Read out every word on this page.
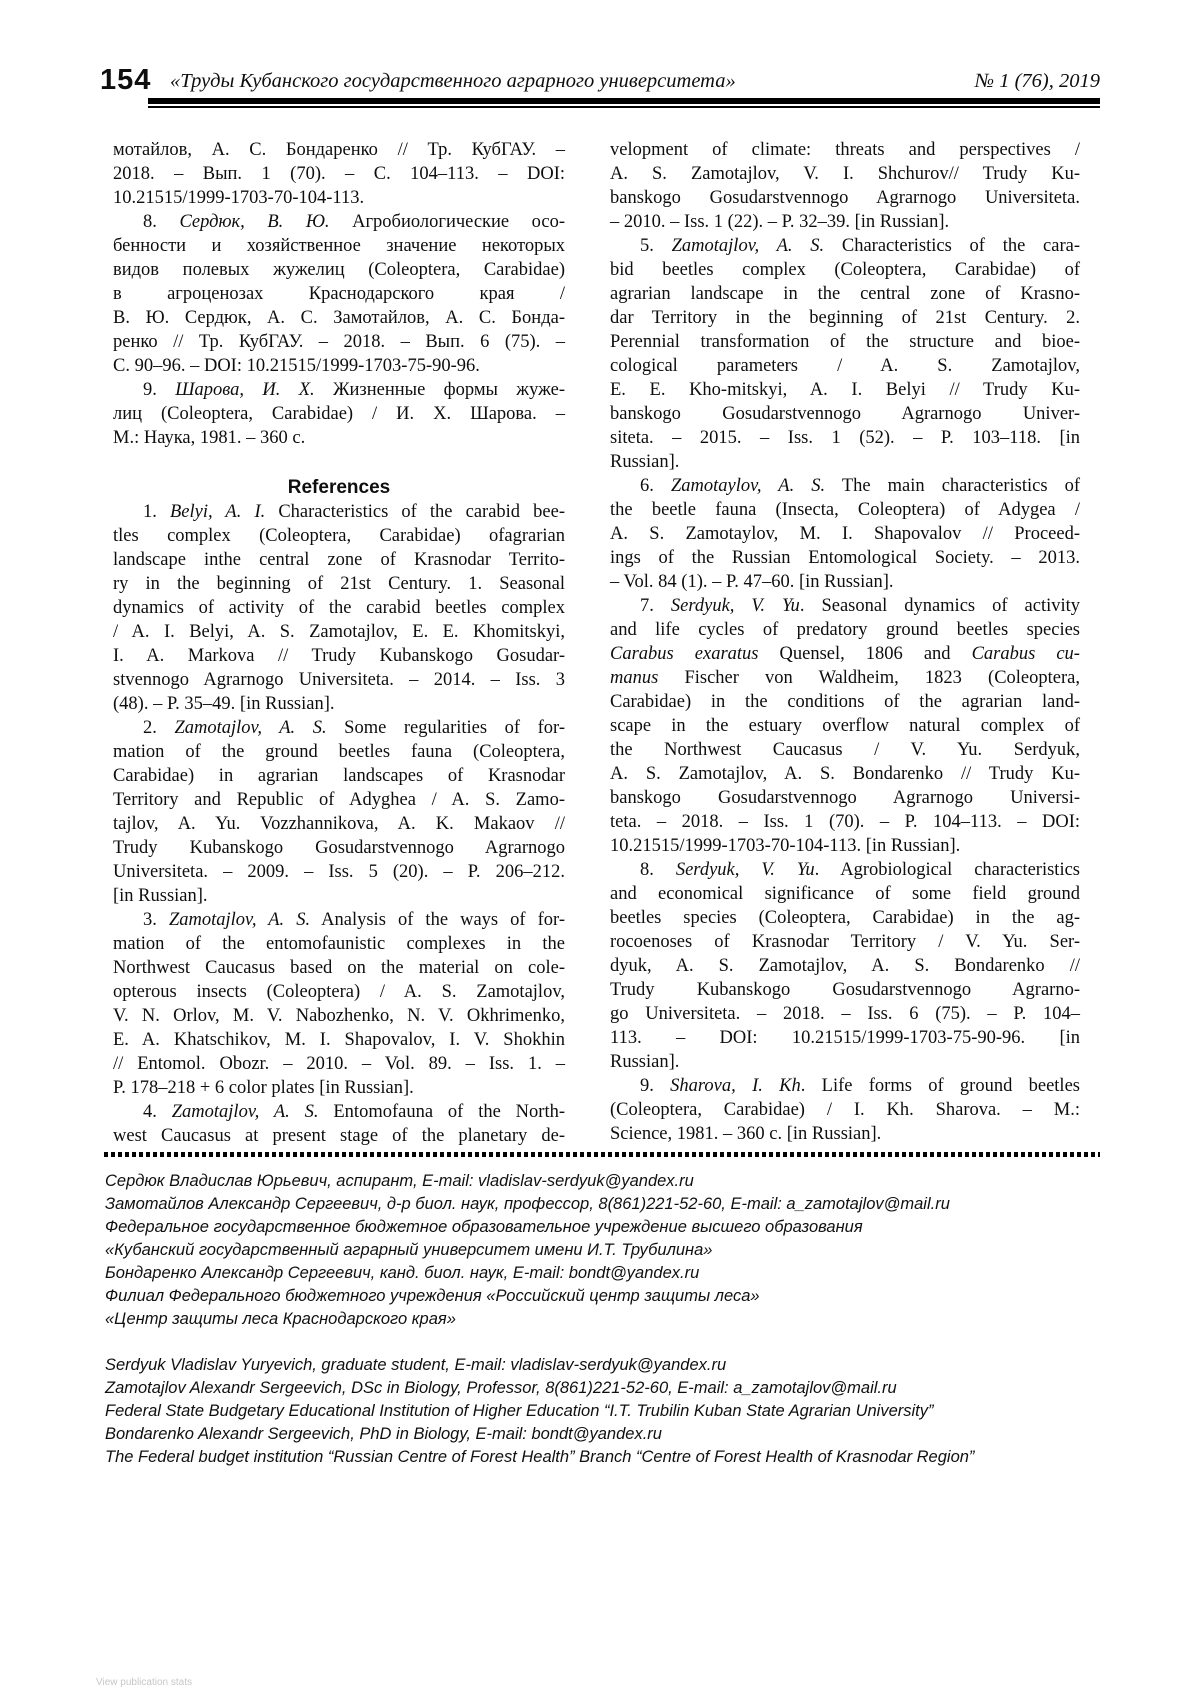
154 «Труды Кубанского государственного аграрного университета»	№ 1 (76), 2019
мотайлов, А. С. Бондаренко // Тр. КубГАУ. –
2018. – Вып. 1 (70). – С. 104–113. – DOI:
10.21515/1999-1703-70-104-113.
8. Сердюк, В. Ю. Агробиологические осо-
бенности и хозяйственное значение некоторых
видов полевых жужелиц (Coleoptera, Carabidae)
в агроценозах Краснодарского края /
В. Ю. Сердюк, А. С. Замотайлов, А. С. Бонда-
ренко // Тр. КубГАУ. – 2018. – Вып. 6 (75). –
С. 90–96. – DOI: 10.21515/1999-1703-75-90-96.
9. Шарова, И. Х. Жизненные формы жуже-
лиц (Coleoptera, Carabidae) / И. Х. Шарова. –
М.: Наука, 1981. – 360 с.
References
1. Belyi, A. I. Characteristics of the carabid bee-
tles complex (Coleoptera, Carabidae) ofagrarian
landscape inthe central zone of Krasnodar Territo-
ry in the beginning of 21st Century. 1. Seasonal
dynamics of activity of the carabid beetles complex
/ A. I. Belyi, A. S. Zamotajlov, E. E. Khomitskyi,
I. A. Markova // Trudy Kubanskogo Gosudar-
stvennogo Agrarnogo Universiteta. – 2014. – Iss. 3
(48). – P. 35–49. [in Russian].
2. Zamotajlov, A. S. Some regularities of for-
mation of the ground beetles fauna (Coleoptera,
Carabidae) in agrarian landscapes of Krasnodar
Territory and Republic of Adyghea / A. S. Zamo-
tajlov, A. Yu. Vozzhannikova, A. K. Makaov //
Trudy Kubanskogo Gosudarstvennogo Agrarnogo
Universiteta. – 2009. – Iss. 5 (20). – P. 206–212.
[in Russian].
3. Zamotajlov, A. S. Analysis of the ways of for-
mation of the entomofaunistic complexes in the
Northwest Caucasus based on the material on cole-
opterous insects (Coleoptera) / A. S. Zamotajlov,
V. N. Orlov, M. V. Nabozhenko, N. V. Okhrimenko,
E. A. Khatschikov, M. I. Shapovalov, I. V. Shokhin
// Entomol. Obozr. – 2010. – Vol. 89. – Iss. 1. –
P. 178–218 + 6 color plates [in Russian].
4. Zamotajlov, A. S. Entomofauna of the North-
west Caucasus at present stage of the planetary de-
velopment of climate: threats and perspectives /
A. S. Zamotajlov, V. I. Shchurov// Trudy Ku-
banskogo Gosudarstvennogo Agrarnogo Universiteta.
– 2010. – Iss. 1 (22). – P. 32–39. [in Russian].
5. Zamotajlov, A. S. Characteristics of the cara-
bid beetles complex (Coleoptera, Carabidae) of
agrarian landscape in the central zone of Krasno-
dar Territory in the beginning of 21st Century. 2.
Perennial transformation of the structure and bioe-
cological parameters / A. S. Zamotajlov,
E. E. Kho-mitskyi, A. I. Belyi // Trudy Ku-
banskogo Gosudarstvennogo Agrarnogo Univer-
siteta. – 2015. – Iss. 1 (52). – P. 103–118. [in
Russian].
6. Zamotaylov, A. S. The main characteristics of
the beetle fauna (Insecta, Coleoptera) of Adygea /
A. S. Zamotaylov, M. I. Shapovalov // Proceed-
ings of the Russian Entomological Society. – 2013.
– Vol. 84 (1). – P. 47–60. [in Russian].
7. Serdyuk, V. Yu. Seasonal dynamics of activity
and life cycles of predatory ground beetles species
Carabus exaratus Quensel, 1806 and Carabus cu-
manus Fischer von Waldheim, 1823 (Coleoptera,
Carabidae) in the conditions of the agrarian land-
scape in the estuary overflow natural complex of
the Northwest Caucasus / V. Yu. Serdyuk,
A. S. Zamotajlov, A. S. Bondarenko // Trudy Ku-
banskogo Gosudarstvennogo Agrarnogo Universi-
teta. – 2018. – Iss. 1 (70). – P. 104–113. – DOI:
10.21515/1999-1703-70-104-113. [in Russian].
8. Serdyuk, V. Yu. Agrobiological characteristics
and economical significance of some field ground
beetles species (Coleoptera, Carabidae) in the ag-
rocoenoses of Krasnodar Territory / V. Yu. Ser-
dyuk, A. S. Zamotajlov, A. S. Bondarenko //
Trudy Kubanskogo Gosudarstvennogo Agrarno-
go Universiteta. – 2018. – Iss. 6 (75). – P. 104–
113. – DOI: 10.21515/1999-1703-75-90-96. [in
Russian].
9. Sharova, I. Kh. Life forms of ground beetles
(Coleoptera, Carabidae) / I. Kh. Sharova. – M.:
Science, 1981. – 360 c. [in Russian].
Сердюк Владислав Юрьевич, аспирант, E-mail: vladislav-serdyuk@yandex.ru
Замотайлов Александр Сергеевич, д-р биол. наук, профессор, 8(861)221-52-60, E-mail: a_zamotajlov@mail.ru
Федеральное государственное бюджетное образовательное учреждение высшего образования
«Кубанский государственный аграрный университет имени И.Т. Трубилина»
Бондаренко Александр Сергеевич, канд. биол. наук, E-mail: bondt@yandex.ru
Филиал Федерального бюджетного учреждения «Российский центр защиты леса»
«Центр защиты леса Краснодарского края»
Serdyuk Vladislav Yuryevich, graduate student, E-mail: vladislav-serdyuk@yandex.ru
Zamotajlov Alexandr Sergeevich, DSc in Biology, Professor, 8(861)221-52-60, E-mail: a_zamotajlov@mail.ru
Federal State Budgetary Educational Institution of Higher Education “I.T. Trubilin Kuban State Agrarian University”
Bondarenko Alexandr Sergeevich, PhD in Biology, E-mail: bondt@yandex.ru
The Federal budget institution “Russian Centre of Forest Health” Branch “Centre of Forest Health of Krasnodar Region”
View publication stats
